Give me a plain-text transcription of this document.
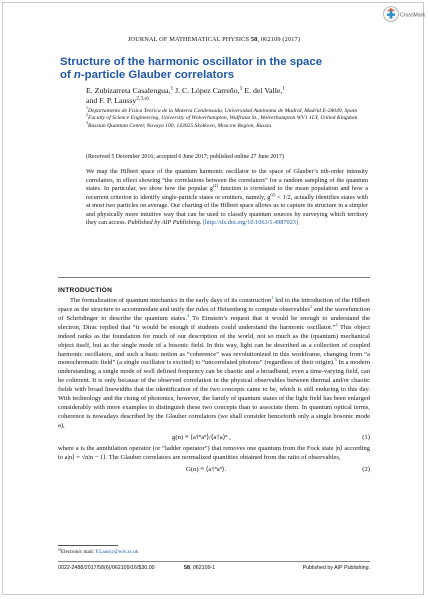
CrossMark
JOURNAL OF MATHEMATICAL PHYSICS 58, 062109 (2017)
Structure of the harmonic oscillator in the space
of n-particle Glauber correlators
E. Zubizarreta Casalengua,$^1$ J. C. López Carreño,$^1$ E. del Valle,$^1$
and F. P. Laussy$^{2,3,a)}$

$^1$Departamento de Física Teórica de la Materia Condensada, Universidad Autónoma de Madrid, Madrid E-28049, Spain

$^2$Faculty of Science Engineering, University of Wolverhampton, Wulfruna St., Wolverhampton WV1 1LY, United Kingdom

$^3$Russian Quantum Center, Novaya 100, 143025 Skolkovo, Moscow Region, Russia

(Received 5 December 2016; accepted 6 June 2017; published online 27 June 2017)

We map the Hilbert space of the quantum harmonic oscillator to the space of Glauber’s nth-order intensity correlators, in effect showing “the correlations between the correlators” for a random sampling of the quantum states. In particular, we show how the popular $g^{(2)}$ function is correlated to the mean population and how a recurrent criterion to identify single-particle states or emitters, namely, $g^{(2)} < 1/2$, actually identifies states with at most two particles on average. Our charting of the Hilbert space allows us to capture its structure in a simpler and physically more intuitive way that can be used to classify quantum sources by surveying which territory they can access. Published by AIP Publishing. [http://dx.doi.org/10.1063/1.4987023]

INTRODUCTION

The formalization of quantum mechanics in the early days of its construction$^1$ led to the introduction of the Hilbert space as the structure to accommodate and unify the rules of Heisenberg to compute observables$^2$ and the wavefunction of Schrödinger to describe the quantum states.$^3$ To Einstein’s request that it would be enough to understand the electron, Dirac replied that “it would be enough if students could understand the harmonic oscillator.”$^4$ This object indeed ranks as the foundation for much of our description of the world, not so much as the (quantum) mechanical object itself, but as the single mode of a bosonic field. In this way, light can be described as a collection of coupled harmonic oscillators, and such a basic notion as “coherence” was revolutionized in this workframe, changing from “a monochromatic field” (a single oscillator is excited) to “uncorrelated photons” (regardless of their origin).$^5$ In a modern understanding, a single mode of well defined frequency can be chaotic and a broadband, even a time-varying field, can be coherent. It is only because of the observed correlation in the physical observables between thermal and/or chaotic fields with broad linewidths that the identification of the two concepts came to be, which is still enduring to this day. With technology and the rising of photonics, however, the family of quantum states of the light field has been enlarged considerably with more examples to distinguish these two concepts than to associate them. In quantum optical terms, coherence is nowadays described by the Glauber correlators (we shall consider henceforth only a single bosonic mode a),

g(n) ≡ ⟨a†ⁿaⁿ⟩/⟨a†a⟩ⁿ ,	(1)

where a is the annihilation operator (or “ladder operator”) that removes one quantum from the Fock state |n⟩ according to a|n⟩ = √n|n − 1⟩. The Glauber correlators are normalized quantities obtained from the ratio of observables,

G(n) ≡ ⟨a†ⁿaⁿ⟩.	(2)
$^{a)}$Electronic mail: F.Laussy@wlv.ac.uk
0022-2488/2017/58(6)/062109/16/$30.00	58, 062109-1	Published by AIP Publishing.
